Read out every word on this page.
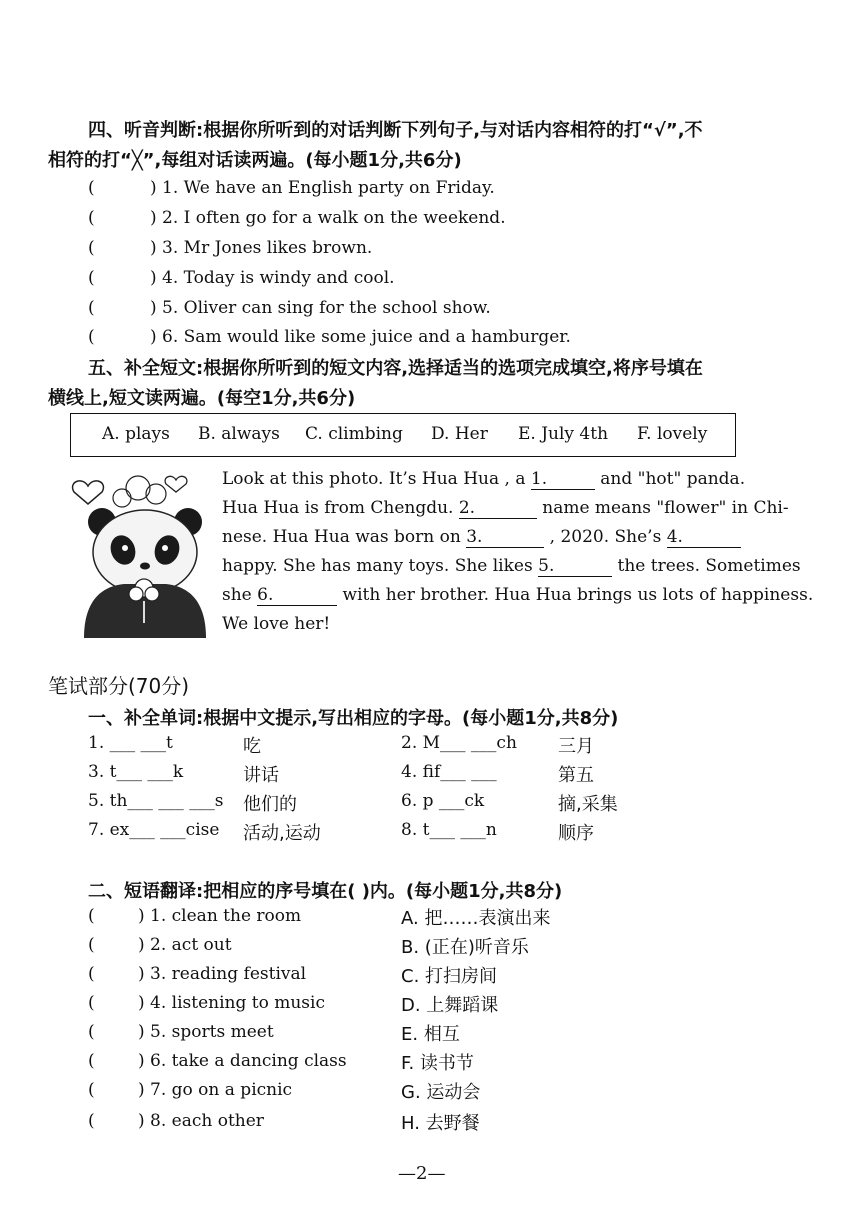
四、听音判断:根据你所听到的对话判断下列句子,与对话内容相符的打“√”,不
相符的打“╳”,每组对话读两遍。(每小题1分,共6分)
(	) 1. We have an English party on Friday.
(	) 2. I often go for a walk on the weekend.
(	) 3. Mr Jones likes brown.
(	) 4. Today is windy and cool.
(	) 5. Oliver can sing for the school show.
(	) 6. Sam would like some juice and a hamburger.
五、补全短文:根据你所听到的短文内容,选择适当的选项完成填空,将序号填在
横线上,短文读两遍。(每空1分,共6分)
A. plays B. always C. climbing D. Her E. July 4th F. lovely
Look at this photo. It’s Hua Hua , a 1.	and "hot" panda.
Hua Hua is from Chengdu. 2.	name means "flower" in Chi-
nese. Hua Hua was born on 3.	, 2020. She’s 4.
happy. She has many toys. She likes 5.	the trees. Sometimes
she 6.	with her brother. Hua Hua brings us lots of happiness.
We love her!
笔试部分(70分)
一、补全单词:根据中文提示,写出相应的字母。(每小题1分,共8分)
1. ___ ___t	吃	2. M___ ___ch 三月
3. t___ ___k	讲话	4. fif___ ___	第五
5. th___ ___ ___s 他们的	6. p ___ck	摘,采集
7. ex___ ___cise 活动,运动	8. t___ ___n	顺序
二、短语翻译:把相应的序号填在( )内。(每小题1分,共8分)
(	) 1. clean the room	A. 把……表演出来
(	) 2. act out	B. (正在)听音乐
(	) 3. reading festival	C. 打扫房间
(	) 4. listening to music	D. 上舞蹈课
(	) 5. sports meet	E. 相互
(	) 6. take a dancing class	F. 读书节
(	) 7. go on a picnic	G. 运动会
(	) 8. each other	H. 去野餐
—2—
